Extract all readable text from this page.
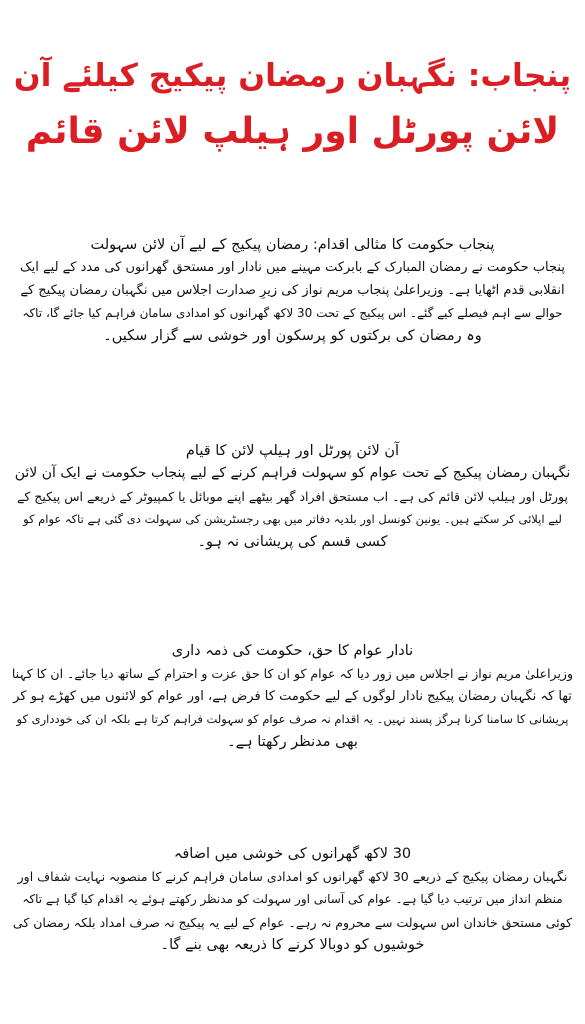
پنجاب: نگہبان رمضان پیکیج کیلئے آن
لائن پورٹل اور ہیلپ لائن قائم
پنجاب حکومت کا مثالی اقدام: رمضان پیکیج کے لیے آن لائن سہولت
پنجاب حکومت نے رمضان المبارک کے بابرکت مہینے میں نادار اور مستحق گھرانوں کی مدد کے لیے ایک
انقلابی قدم اٹھایا ہے۔ وزیراعلیٰ پنجاب مریم نواز کی زیرِ صدارت اجلاس میں نگہبان رمضان پیکیج کے
حوالے سے اہم فیصلے کیے گئے۔ اس پیکیج کے تحت 30 لاکھ گھرانوں کو امدادی سامان فراہم کیا جائے گا، تاکہ
وہ رمضان کی برکتوں کو پرسکون اور خوشی سے گزار سکیں۔
آن لائن پورٹل اور ہیلپ لائن کا قیام
نگہبان رمضان پیکیج کے تحت عوام کو سہولت فراہم کرنے کے لیے پنجاب حکومت نے ایک آن لائن
پورٹل اور ہیلپ لائن قائم کی ہے۔ اب مستحق افراد گھر بیٹھے اپنے موبائل یا کمپیوٹر کے ذریعے اس پیکیج کے
لیے اپلائی کر سکتے ہیں۔ یونین کونسل اور بلدیہ دفاتر میں بھی رجسٹریشن کی سہولت دی گئی ہے تاکہ عوام کو
کسی قسم کی پریشانی نہ ہو۔
نادار عوام کا حق، حکومت کی ذمہ داری
وزیراعلیٰ مریم نواز نے اجلاس میں زور دیا کہ عوام کو ان کا حق عزت و احترام کے ساتھ دیا جائے۔ ان کا کہنا
تھا کہ نگہبان رمضان پیکیج نادار لوگوں کے لیے حکومت کا فرض ہے، اور عوام کو لائنوں میں کھڑے ہو کر
پریشانی کا سامنا کرنا ہرگز پسند نہیں۔ یہ اقدام نہ صرف عوام کو سہولت فراہم کرتا ہے بلکہ ان کی خودداری کو
بھی مدنظر رکھتا ہے۔
30 لاکھ گھرانوں کی خوشی میں اضافہ
نگہبان رمضان پیکیج کے ذریعے 30 لاکھ گھرانوں کو امدادی سامان فراہم کرنے کا منصوبہ نہایت شفاف اور
منظم انداز میں ترتیب دیا گیا ہے۔ عوام کی آسانی اور سہولت کو مدنظر رکھتے ہوئے یہ اقدام کیا گیا ہے تاکہ
کوئی مستحق خاندان اس سہولت سے محروم نہ رہے۔ عوام کے لیے یہ پیکیج نہ صرف امداد بلکہ رمضان کی
خوشیوں کو دوبالا کرنے کا ذریعہ بھی بنے گا۔
